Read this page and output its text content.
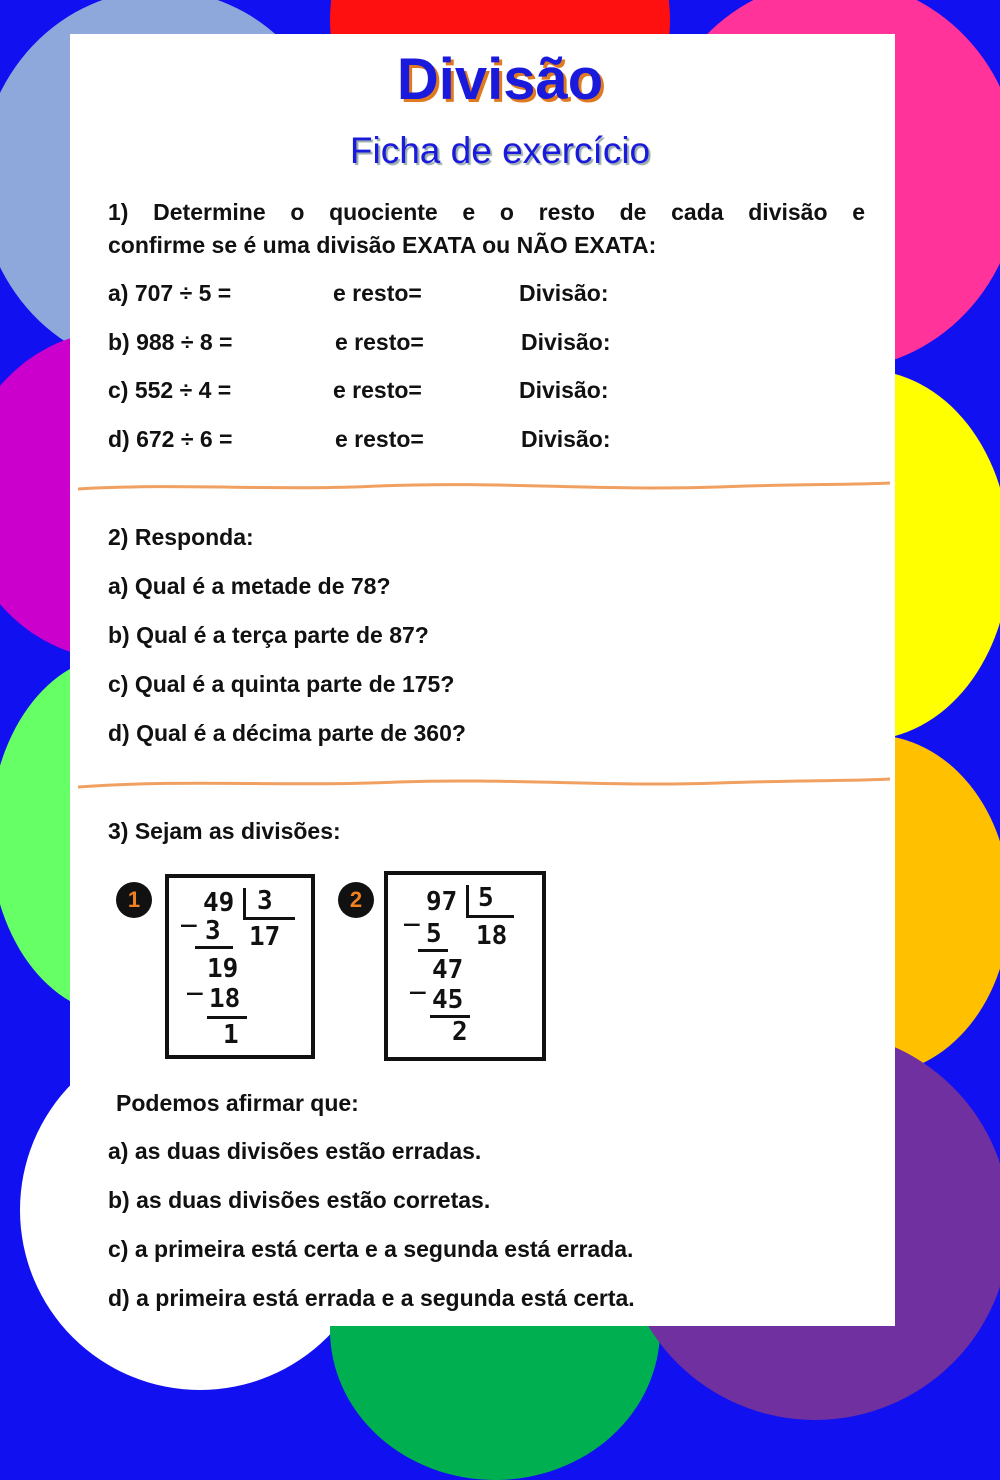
Divisão
Ficha de exercício
1) Determine o quociente e o resto de cada divisão e
confirme se é uma divisão EXATA ou NÃO EXATA:
a) 707 ÷ 5 =	e resto=	Divisão:
b) 988 ÷ 8 =	e resto=	Divisão:
c) 552 ÷ 4 =	e resto=	Divisão:
d) 672 ÷ 6 =	e resto=	Divisão:
2) Responda:
a) Qual é a metade de 78?
b) Qual é a terça parte de 87?
c) Qual é a quinta parte de 175?
d) Qual é a décima parte de 360?
3) Sejam as divisões:
1	49 3
17
_
3
19
_
18
1
2	97 5
18
_
5
47
_
45
2
Podemos afirmar que:
a) as duas divisões estão erradas.
b) as duas divisões estão corretas.
c) a primeira está certa e a segunda está errada.
d) a primeira está errada e a segunda está certa.
